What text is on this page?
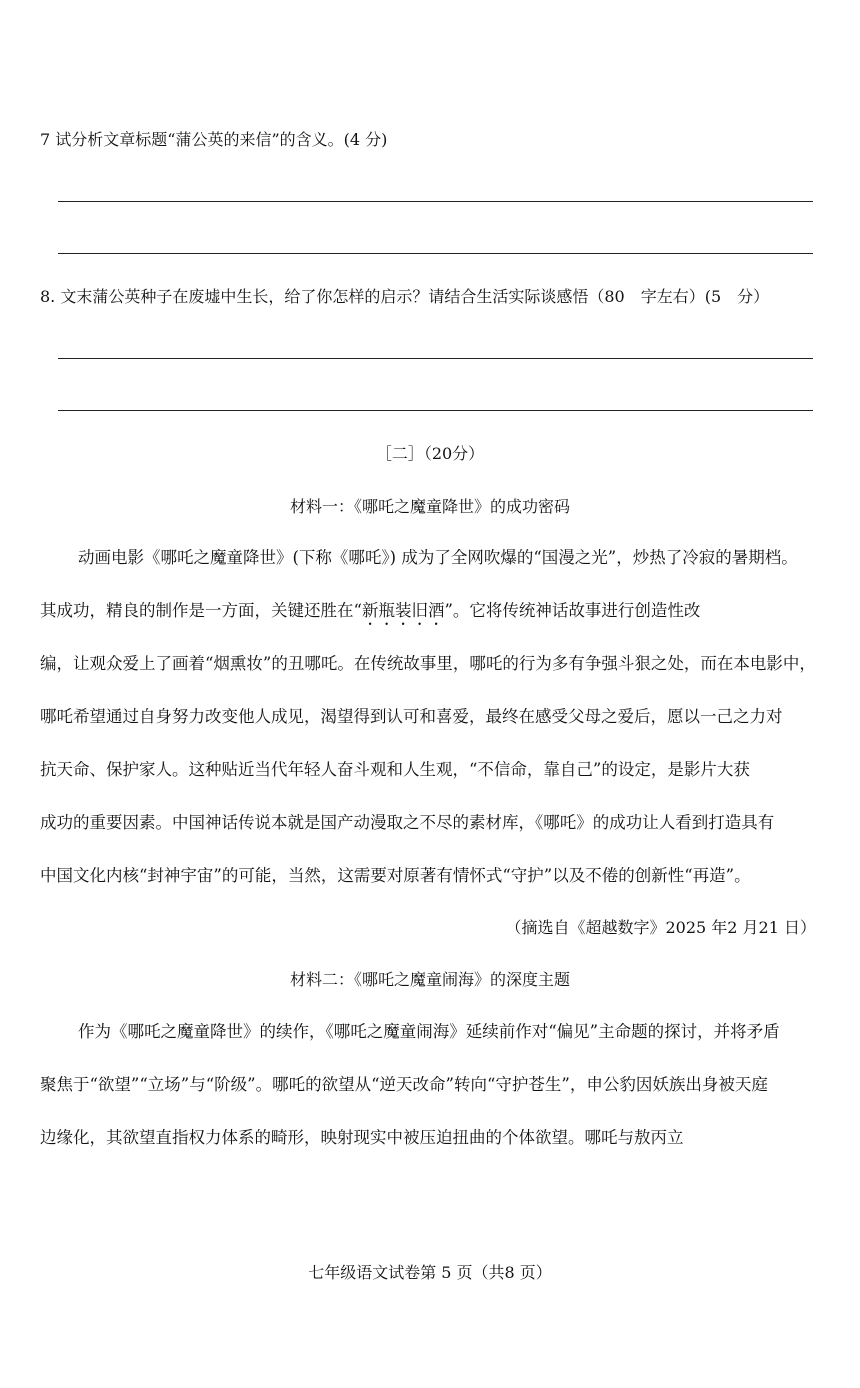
7 试分析文章标题“蒲公英的来信”的含义。(4 分)
8. 文末蒲公英种子在废墟中生长，给了你怎样的启示？请结合生活实际谈感悟（80　字左右）(5　分）
［二］（20分）
材料一：《哪吒之魔童降世》的成功密码
动画电影《哪吒之魔童降世》(下称《哪吒》) 成为了全网吹爆的“国漫之光”，炒热了冷寂的暑期档。
其成功，精良的制作是一方面，关键还胜在“新瓶装旧酒”。它将传统神话故事进行创造性改
编，让观众爱上了画着“烟熏妆”的丑哪吒。在传统故事里，哪吒的行为多有争强斗狠之处，而在本电影中，
哪吒希望通过自身努力改变他人成见，渴望得到认可和喜爱，最终在感受父母之爱后，愿以一己之力对
抗天命、保护家人。这种贴近当代年轻人奋斗观和人生观，“不信命，靠自己”的设定，是影片大获
成功的重要因素。中国神话传说本就是国产动漫取之不尽的素材库，《哪吒》的成功让人看到打造具有
中国文化内核“封神宇宙”的可能，当然，这需要对原著有情怀式“守护”以及不倦的创新性“再造”。
（摘选自《超越数字》2025 年2 月21 日）
材料二：《哪吒之魔童闹海》的深度主题
作为《哪吒之魔童降世》的续作，《哪吒之魔童闹海》延续前作对“偏见”主命题的探讨，并将矛盾
聚焦于“欲望”“立场”与“阶级”。哪吒的欲望从“逆天改命”转向“守护苍生”，申公豹因妖族出身被天庭
边缘化，其欲望直指权力体系的畸形，映射现实中被压迫扭曲的个体欲望。哪吒与敖丙立
七年级语文试卷第 5 页（共8 页）
